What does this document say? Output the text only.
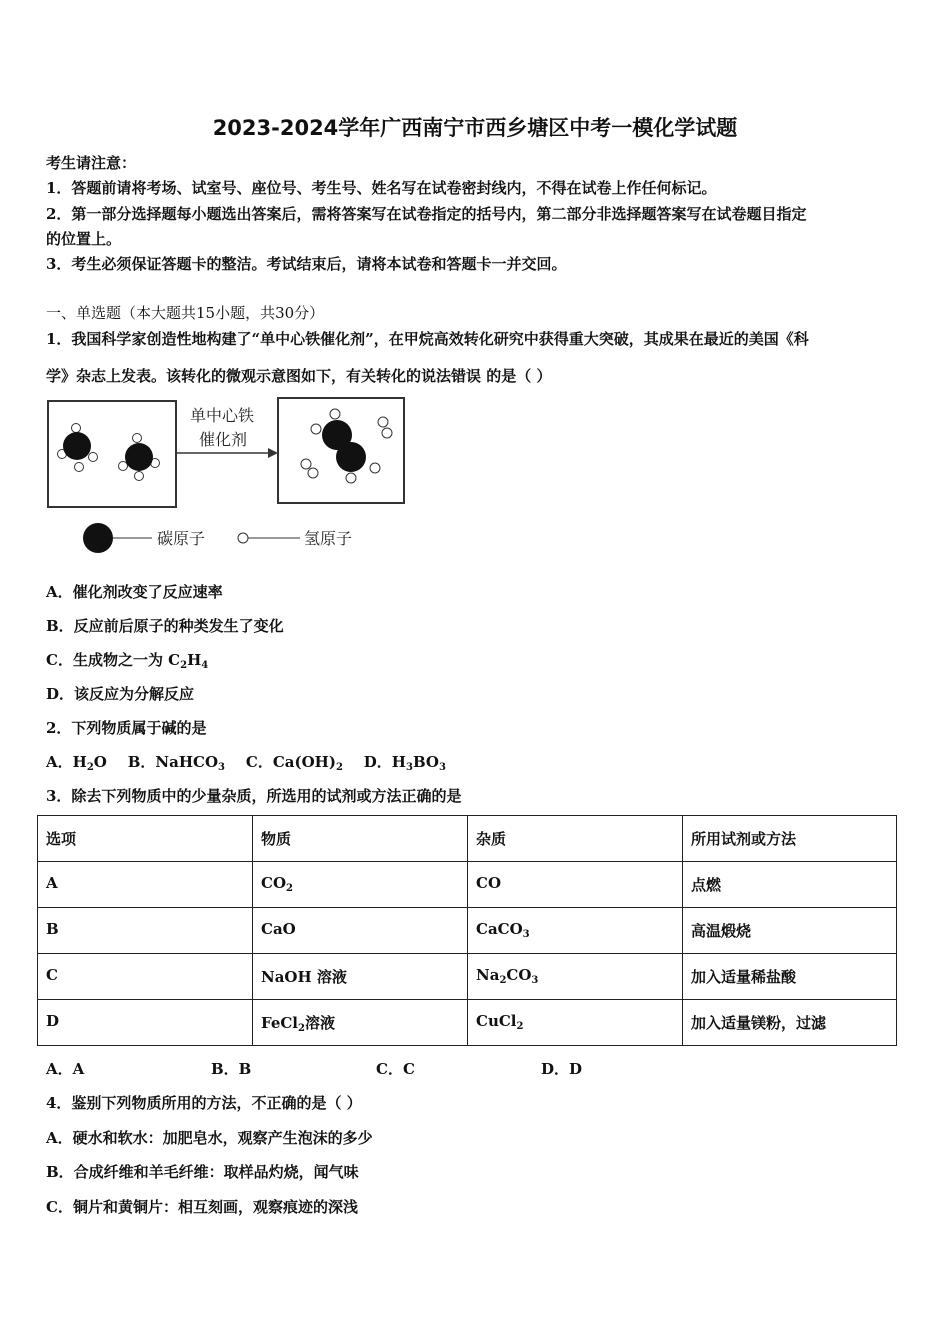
2023-2024学年广西南宁市西乡塘区中考一模化学试题
考生请注意：
1．答题前请将考场、试室号、座位号、考生号、姓名写在试卷密封线内，不得在试卷上作任何标记。
2．第一部分选择题每小题选出答案后，需将答案写在试卷指定的括号内，第二部分非选择题答案写在试卷题目指定
的位置上。
3．考生必须保证答题卡的整洁。考试结束后，请将本试卷和答题卡一并交回。
一、单选题（本大题共15小题，共30分）
1．我国科学家创造性地构建了“单中心铁催化剂”，在甲烷高效转化研究中获得重大突破，其成果在最近的美国《科
学》杂志上发表。该转化的微观示意图如下，有关转化的说法错误 的是（ ）
单中心铁
催化剂
碳原子	氢原子
A．催化剂改变了反应速率
B．反应前后原子的种类发生了变化
C．生成物之一为 $C_2H_4$
D．该反应为分解反应
2．下列物质属于碱的是
A．$H_2O$ B．NaHCO$_3$ C．$Ca(OH)_2$ D．$H_3BO_3$
3．除去下列物质中的少量杂质，所选用的试剂或方法正确的是
选项	物质	杂质	所用试剂或方法
A	$CO_2$	CO	点燃
B	CaO	CaCO$_3$	高温煅烧
C	NaOH 溶液	$Na_2CO_3$	加入适量稀盐酸
D	FeCl$_2$溶液	CuCl$_2$	加入适量镁粉，过滤
A．A	B．B	C．C	D．D
4．鉴别下列物质所用的方法，不正确的是（ ）
A．硬水和软水：加肥皂水，观察产生泡沫的多少
B．合成纤维和羊毛纤维：取样品灼烧，闻气味
C．铜片和黄铜片：相互刻画，观察痕迹的深浅
